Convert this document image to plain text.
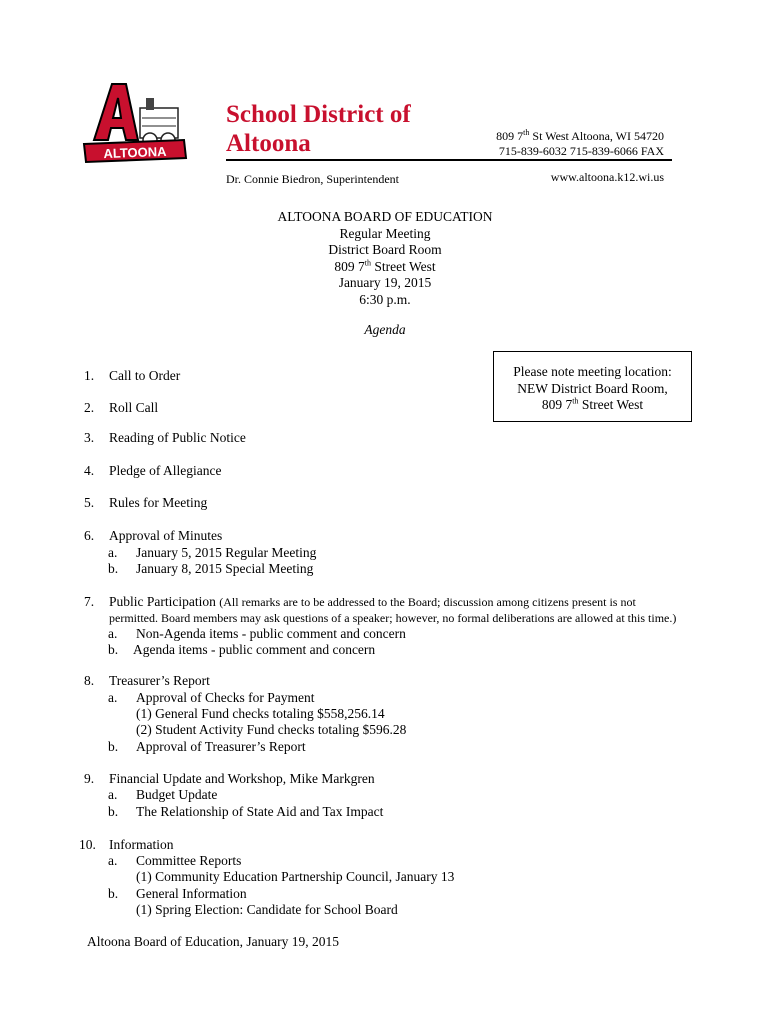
ALTOONA
School District of
Altoona	809 7th St West Altoona, WI 54720
715-839-6032 715-839-6066 FAX
Dr. Connie Biedron, Superintendent	www.altoona.k12.wi.us
ALTOONA BOARD OF EDUCATION
Regular Meeting
District Board Room
809 7th Street West
January 19, 2015
6:30 p.m.
Agenda
Please note meeting location:
NEW District Board Room,
809 7th Street West
1. Call to Order
2. Roll Call
3. Reading of Public Notice
4. Pledge of Allegiance
5. Rules for Meeting
6. Approval of Minutes
a. January 5, 2015 Regular Meeting
b. January 8, 2015 Special Meeting
7. Public Participation (All remarks are to be addressed to the Board; discussion among citizens present is not
permitted. Board members may ask questions of a speaker; however, no formal deliberations are allowed at this time.)
a. Non-Agenda items - public comment and concern
b. Agenda items - public comment and concern
8. Treasurer’s Report
a. Approval of Checks for Payment
(1) General Fund checks totaling $558,256.14
(2) Student Activity Fund checks totaling $596.28
b. Approval of Treasurer’s Report
9. Financial Update and Workshop, Mike Markgren
a. Budget Update
b. The Relationship of State Aid and Tax Impact
10. Information
a. Committee Reports
(1) Community Education Partnership Council, January 13
b. General Information
(1) Spring Election: Candidate for School Board
Altoona Board of Education, January 19, 2015
